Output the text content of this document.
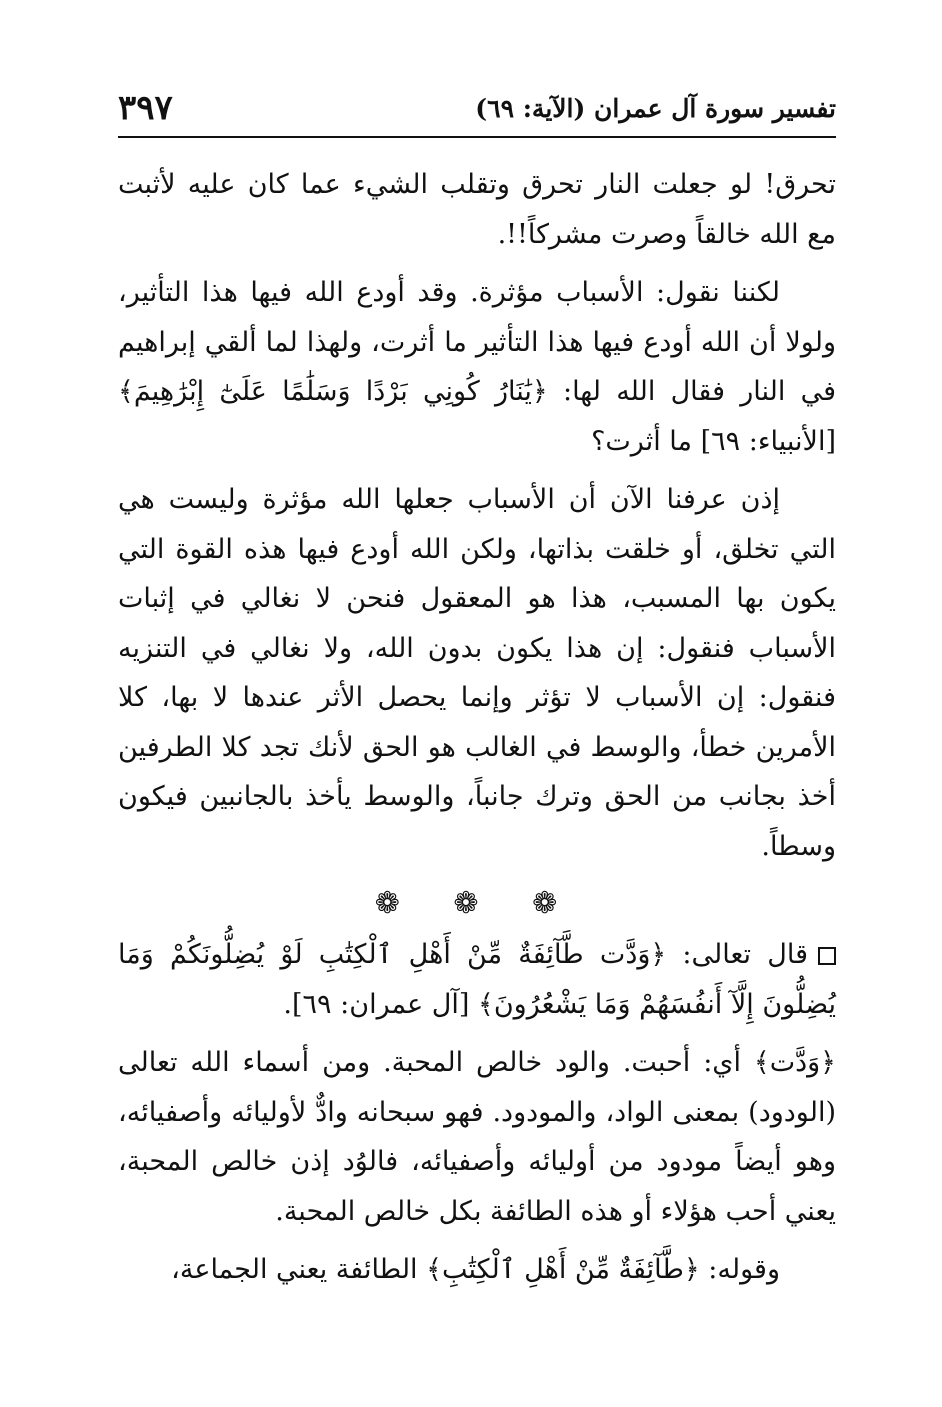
تفسير سورة آل عمران (الآية: ٦٩)
٣٩٧

تحرق! لو جعلت النار تحرق وتقلب الشيء عما كان عليه لأثبت مع الله خالقاً وصرت مشركاً!!.

لكننا نقول: الأسباب مؤثرة. وقد أودع الله فيها هذا التأثير، ولولا أن الله أودع فيها هذا التأثير ما أثرت، ولهذا لما ألقي إبراهيم في النار فقال الله لها: ﴿يَٰنَارُ كُونِي بَرْدًا وَسَلَٰمًا عَلَىٰٓ إِبْرَٰهِيمَ﴾ [الأنبياء: ٦٩] ما أثرت؟

إذن عرفنا الآن أن الأسباب جعلها الله مؤثرة وليست هي التي تخلق، أو خلقت بذاتها، ولكن الله أودع فيها هذه القوة التي يكون بها المسبب، هذا هو المعقول فنحن لا نغالي في إثبات الأسباب فنقول: إن هذا يكون بدون الله، ولا نغالي في التنزيه فنقول: إن الأسباب لا تؤثر وإنما يحصل الأثر عندها لا بها، كلا الأمرين خطأ، والوسط في الغالب هو الحق لأنك تجد كلا الطرفين أخذ بجانب من الحق وترك جانباً، والوسط يأخذ بالجانبين فيكون وسطاً.

❁ ❁ ❁

قال تعالى: ﴿وَدَّت طَّآئِفَةٌ مِّنْ أَهْلِ ٱلْكِتَٰبِ لَوْ يُضِلُّونَكُمْ وَمَا يُضِلُّونَ إِلَّآ أَنفُسَهُمْ وَمَا يَشْعُرُونَ﴾ [آل عمران: ٦٩].

﴿وَدَّت﴾ أي: أحبت. والود خالص المحبة. ومن أسماء الله تعالى (الودود) بمعنى الواد، والمودود. فهو سبحانه وادٌّ لأوليائه وأصفيائه، وهو أيضاً مودود من أوليائه وأصفيائه، فالوُد إذن خالص المحبة، يعني أحب هؤلاء أو هذه الطائفة بكل خالص المحبة.

وقوله: ﴿طَّآئِفَةٌ مِّنْ أَهْلِ ٱلْكِتَٰبِ﴾ الطائفة يعني الجماعة،
